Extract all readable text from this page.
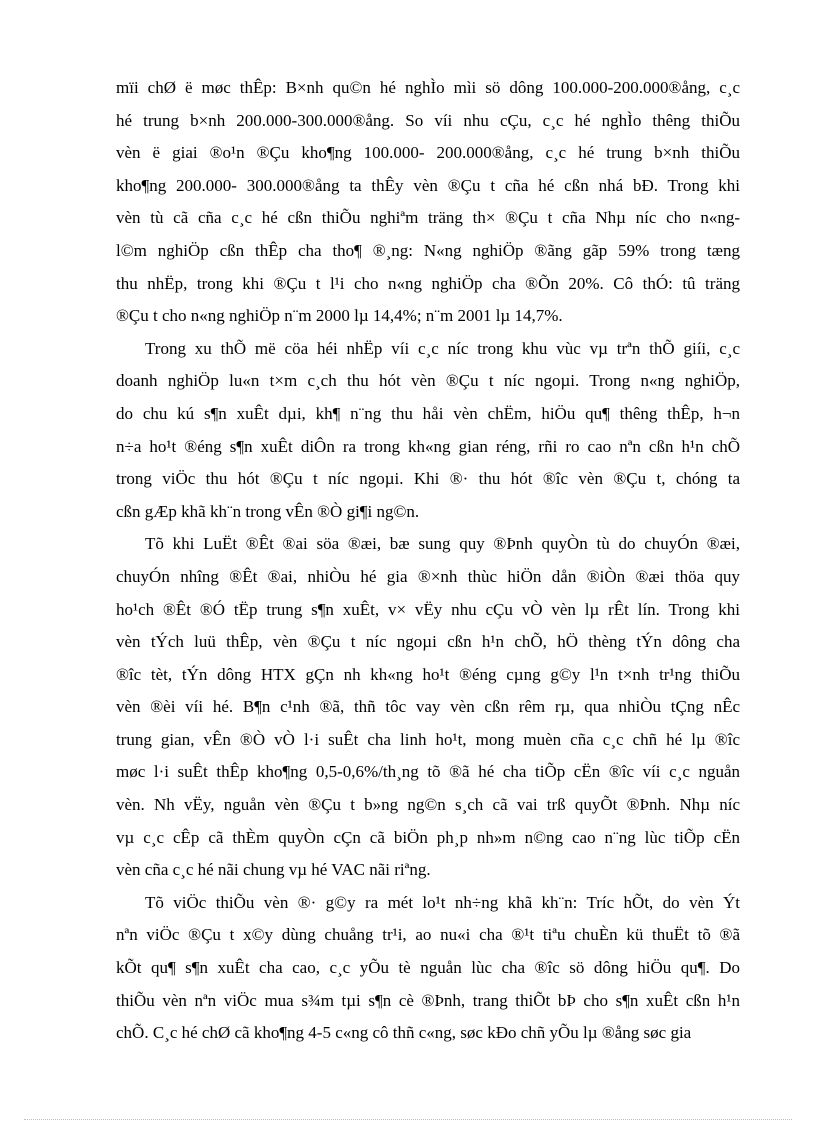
mïi chØ ë møc thÊp: B×nh qu©n hé nghÌo mìi sö dông 100.000-200.000®ång, c¸c
hé trung b×nh 200.000-300.000®ång. So víi nhu cÇu, c¸c hé nghÌo thêng thiÕu
vèn ë giai ®o¹n ®Çu kho¶ng 100.000- 200.000®ång, c¸c hé trung b×nh thiÕu
kho¶ng 200.000- 300.000®ång ta thÊy vèn ®Çu t cña hé cßn nhá bÐ. Trong khi
vèn tù cã cña c¸c hé cßn thiÕu nghiªm träng th× ®Çu t cña Nhµ níc cho n«ng-
l©m nghiÖp cßn thÊp cha tho¶ ®¸ng: N«ng nghiÖp ®ãng gãp 59% trong tæng
thu nhËp, trong khi ®Çu t l¹i cho n«ng nghiÖp cha ®Õn 20%. Cô thÓ: tû träng
®Çu t cho n«ng nghiÖp n¨m 2000 lµ 14,4%; n¨m 2001 lµ 14,7%.
Trong xu thÕ më cöa héi nhËp víi c¸c níc trong khu vùc vµ trªn thÕ giíi, c¸c
doanh nghiÖp lu«n t×m c¸ch thu hót vèn ®Çu t níc ngoµi. Trong n«ng nghiÖp,
do chu kú s¶n xuÊt dµi, kh¶ n¨ng thu håi vèn chËm, hiÖu qu¶ thêng thÊp, h¬n
n÷a ho¹t ®éng s¶n xuÊt diÔn ra trong kh«ng gian réng, rñi ro cao nªn cßn h¹n chÕ
trong viÖc thu hót ®Çu t níc ngoµi. Khi ®· thu hót ®îc vèn ®Çu t, chóng ta
cßn gÆp khã kh¨n trong vÊn ®Ò gi¶i ng©n.
Tõ khi LuËt ®Êt ®ai söa ®æi, bæ sung quy ®Þnh quyÒn tù do chuyÓn ®æi,
chuyÓn nhîng ®Êt ®ai, nhiÒu hé gia ®×nh thùc hiÖn dån ®iÒn ®æi thöa quy
ho¹ch ®Êt ®Ó tËp trung s¶n xuÊt, v× vËy nhu cÇu vÒ vèn lµ rÊt lín. Trong khi
vèn tÝch luü thÊp, vèn ®Çu t níc ngoµi cßn h¹n chÕ, hÖ thèng tÝn dông cha
®îc tèt, tÝn dông HTX gÇn nh kh«ng ho¹t ®éng cµng g©y l¹n t×nh tr¹ng thiÕu
vèn ®èi víi hé. B¶n c¹nh ®ã, thñ tôc vay vèn cßn rêm rµ, qua nhiÒu tÇng nÊc
trung gian, vÊn ®Ò vÒ l·i suÊt cha linh ho¹t, mong muèn cña c¸c chñ hé lµ ®îc
møc l·i suÊt thÊp kho¶ng 0,5-0,6%/th¸ng tõ ®ã hé cha tiÕp cËn ®îc víi c¸c nguån
vèn. Nh vËy, nguån vèn ®Çu t b»ng ng©n s¸ch cã vai trß quyÕt ®Þnh. Nhµ níc
vµ c¸c cÊp cã thÈm quyÒn cÇn cã biÖn ph¸p nh»m n©ng cao n¨ng lùc tiÕp cËn
vèn cña c¸c hé nãi chung vµ hé VAC nãi riªng.
Tõ viÖc thiÕu vèn ®· g©y ra mét lo¹t nh÷ng khã kh¨n: Tríc hÕt, do vèn Ýt
nªn viÖc ®Çu t x©y dùng chuång tr¹i, ao nu«i cha ®¹t tiªu chuÈn kü thuËt tõ ®ã
kÕt qu¶ s¶n xuÊt cha cao, c¸c yÕu tè nguån lùc cha ®îc sö dông hiÖu qu¶. Do
thiÕu vèn nªn viÖc mua s¾m tµi s¶n cè ®Þnh, trang thiÕt bÞ cho s¶n xuÊt cßn h¹n
chÕ. C¸c hé chØ cã kho¶ng 4-5 c«ng cô thñ c«ng, søc kÐo chñ yÕu lµ ®ång søc gia
